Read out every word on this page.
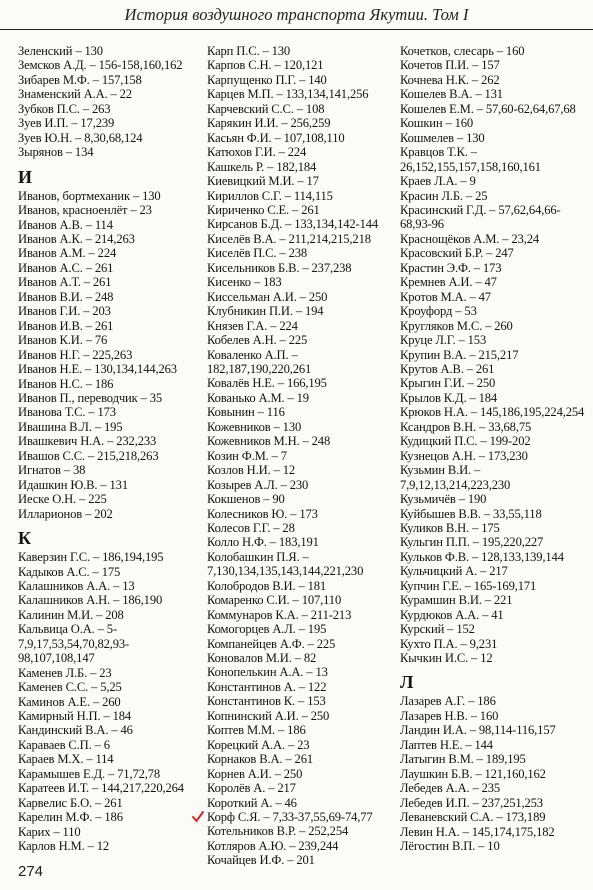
История воздушного транспорта Якутии. Том I
Зеленский – 130
Земсков А.Д. – 156-158,160,162
Зибарев М.Ф. – 157,158
Знаменский А.А. – 22
Зубков П.С. – 263
Зуев И.П. – 17,239
Зуев Ю.Н. – 8,30,68,124
Зырянов – 134
И
Иванов, бортмеханик – 130
Иванов, красноенлёт – 23
Иванов А.В. – 114
Иванов А.К. – 214,263
Иванов А.М. – 224
Иванов А.С. – 261
Иванов А.Т. – 261
Иванов В.И. – 248
Иванов Г.И. – 203
Иванов И.В. – 261
Иванов К.И. – 76
Иванов Н.Г. – 225,263
Иванов Н.Е. – 130,134,144,263
Иванов Н.С. – 186
Иванов П., переводчик – 35
Иванова Т.С. – 173
Ивашина В.Л. – 195
Ивашкевич Н.А. – 232,233
Ивашов С.С. – 215,218,263
Игнатов – 38
Идашкин Ю.В. – 131
Иеске О.Н. – 225
Илларионов – 202
К
Каверзин Г.С. – 186,194,195
Кадыков А.С. – 175
Калашников А.А. – 13
Калашников А.Н. – 186,190
Калинин М.И. – 208
Кальвица О.А. – 5-7,9,17,53,54,70,82,93-98,107,108,147
Каменев Л.Б. – 23
Каменев С.С. – 5,25
Каминов А.Е. – 260
Камирный Н.П. – 184
Кандинский В.А. – 46
Караваев С.П. – 6
Караев М.Х. – 114
Карамышев Е.Д. – 71,72,78
Каратеев И.Т. – 144,217,220,264
Карвелис Б.О. – 261
Карелин М.Ф. – 186
Карих – 110
Карлов Н.М. – 12
Карп П.С. – 130
Карпов С.Н. – 120,121
Карпущенко П.Г. – 140
Карцев М.П. – 133,134,141,256
Карчевский С.С. – 108
Карякин И.И. – 256,259
Касьян Ф.И. – 107,108,110
Катюхов Г.И. – 224
Кашкель Р. – 182,184
Киевицкий М.И. – 17
Кириллов С.Г. – 114,115
Кириченко С.Е. – 261
Кирсанов Б.Д. – 133,134,142-144
Киселёв В.А. – 211,214,215,218
Киселёв П.С. – 238
Кисельников Б.В. – 237,238
Кисенко – 183
Киссельман А.И. – 250
Клубникин П.И. – 194
Князев Г.А. – 224
Кобелев А.Н. – 225
Коваленко А.П. – 182,187,190,220,261
Ковалёв Н.Е. – 166,195
Кованько А.М. – 19
Ковынин – 116
Кожевников – 130
Кожевников М.Н. – 248
Козин Ф.М. – 7
Козлов Н.И. – 12
Козырев А.Л. – 230
Кокшенов – 90
Колесников Ю. – 173
Колесов Г.Г. – 28
Колло Н.Ф. – 183,191
Колобашкин П.Я. – 7,130,134,135,143,144,221,230
Колобродов В.И. – 181
Комаренко С.И. – 107,110
Коммунаров К.А. – 211-213
Комогорцев А.Л. – 195
Компанейцев А.Ф. – 225
Коновалов М.И. – 82
Конопелькин А.А. – 13
Константинов А. – 122
Константинов К. – 153
Копнинский А.И. – 250
Коптев М.М. – 186
Корецкий А.А. – 23
Корнаков В.А. – 261
Корнев А.И. – 250
Королёв А. – 217
Короткий А. – 46
Корф С.Я. – 7,33-37,55,69-74,77
Котельников В.Р. – 252,254
Котляров А.Ю. – 239,244
Кочайцев И.Ф. – 201
Кочетков, слесарь – 160
Кочетов П.И. – 157
Кочнева Н.К. – 262
Кошелев В.А. – 131
Кошелев Е.М. – 57,60-62,64,67,68
Кошкин – 160
Кошмелев – 130
Кравцов Т.К. – 26,152,155,157,158,160,161
Краев Л.А. – 9
Красин Л.Б. – 25
Красинский Г.Д. – 57,62,64,66-68,93-96
Краснощёков А.М. – 23,24
Красовский Б.Р. – 247
Крастин Э.Ф. – 173
Кремнев А.И. – 47
Кротов М.А. – 47
Кроуфорд – 53
Кругляков М.С. – 260
Круце Л.Г. – 153
Крупин В.А. – 215,217
Крутов А.В. – 261
Крыгин Г.И. – 250
Крылов К.Д. – 184
Крюков Н.А. – 145,186,195,224,254
Ксандров В.Н. – 33,68,75
Кудицкий П.С. – 199-202
Кузнецов А.Н. – 173,230
Кузьмин В.И. – 7,9,12,13,214,223,230
Кузьмичёв – 190
Куйбышев В.В. – 33,55,118
Куликов В.Н. – 175
Кульгин П.П. – 195,220,227
Кульков Ф.В. – 128,133,139,144
Кульчицкий А. – 217
Купчин Г.Е. – 165-169,171
Курамшин В.И. – 221
Курдюков А.А. – 41
Курский – 152
Кухто П.А. – 9,231
Кычкин И.С. – 12
Л
Лазарев А.Г. – 186
Лазарев Н.В. – 160
Ландин И.А. – 98,114-116,157
Лаптев Н.Е. – 144
Латыгин В.М. – 189,195
Лаушкин Б.В. – 121,160,162
Лебедев А.А. – 235
Лебедев И.П. – 237,251,253
Леваневский С.А. – 173,189
Левин Н.А. – 145,174,175,182
Лёгостин В.П. – 10
274
